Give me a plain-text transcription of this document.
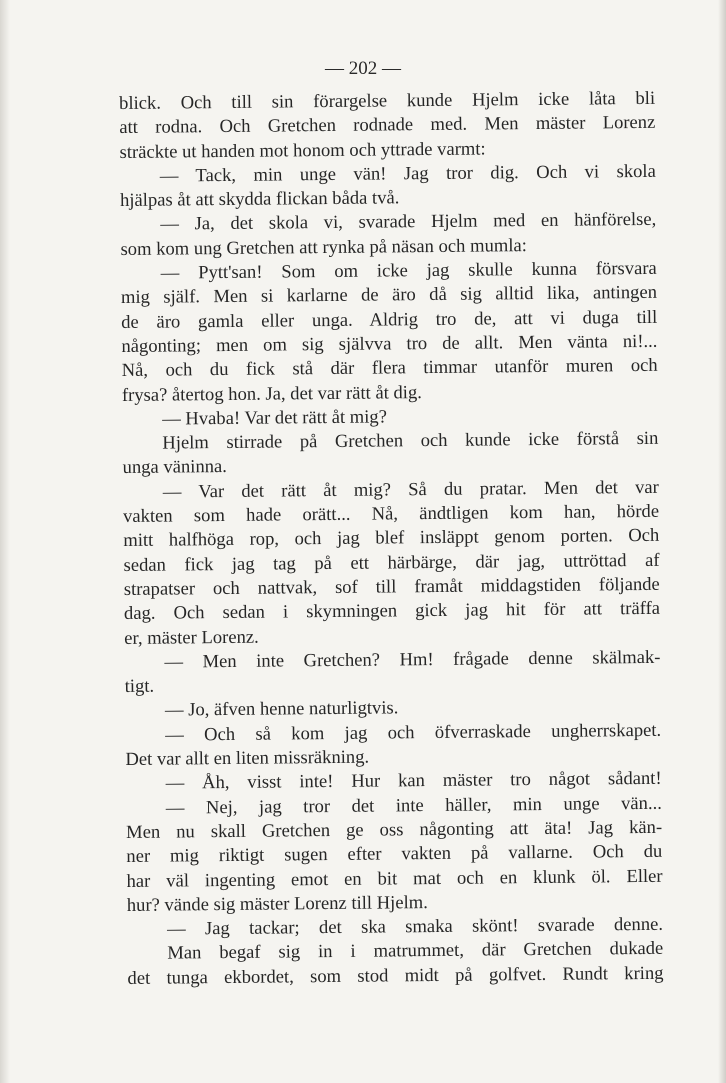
— 202 —
blick. Och till sin förargelse kunde Hjelm icke låta bli
att rodna. Och Gretchen rodnade med. Men mäster Lorenz
sträckte ut handen mot honom och yttrade varmt:
— Tack, min unge vän! Jag tror dig. Och vi skola
hjälpas åt att skydda flickan båda två.
— Ja, det skola vi, svarade Hjelm med en hänförelse,
som kom ung Gretchen att rynka på näsan och mumla:
— Pytt'san! Som om icke jag skulle kunna försvara
mig själf. Men si karlarne de äro då sig alltid lika, antingen
de äro gamla eller unga. Aldrig tro de, att vi duga till
någonting; men om sig självva tro de allt. Men vänta ni!...
Nå, och du fick stå där flera timmar utanför muren och
frysa? återtog hon. Ja, det var rätt åt dig.
— Hvaba! Var det rätt åt mig?
Hjelm stirrade på Gretchen och kunde icke förstå sin
unga väninna.
— Var det rätt åt mig? Så du pratar. Men det var
vakten som hade orätt... Nå, ändtligen kom han, hörde
mitt halfhöga rop, och jag blef insläppt genom porten. Och
sedan fick jag tag på ett härbärge, där jag, uttröttad af
strapatser och nattvak, sof till framåt middagstiden följande
dag. Och sedan i skymningen gick jag hit för att träffa
er, mäster Lorenz.
— Men inte Gretchen? Hm! frågade denne skälmak-
tigt.
— Jo, äfven henne naturligtvis.
— Och så kom jag och öfverraskade ungherrskapet.
Det var allt en liten missräkning.
— Åh, visst inte! Hur kan mäster tro något sådant!
— Nej, jag tror det inte häller, min unge vän...
Men nu skall Gretchen ge oss någonting att äta! Jag kän-
ner mig riktigt sugen efter vakten på vallarne. Och du
har väl ingenting emot en bit mat och en klunk öl. Eller
hur? vände sig mäster Lorenz till Hjelm.
— Jag tackar; det ska smaka skönt! svarade denne.
Man begaf sig in i matrummet, där Gretchen dukade
det tunga ekbordet, som stod midt på golfvet. Rundt kring
